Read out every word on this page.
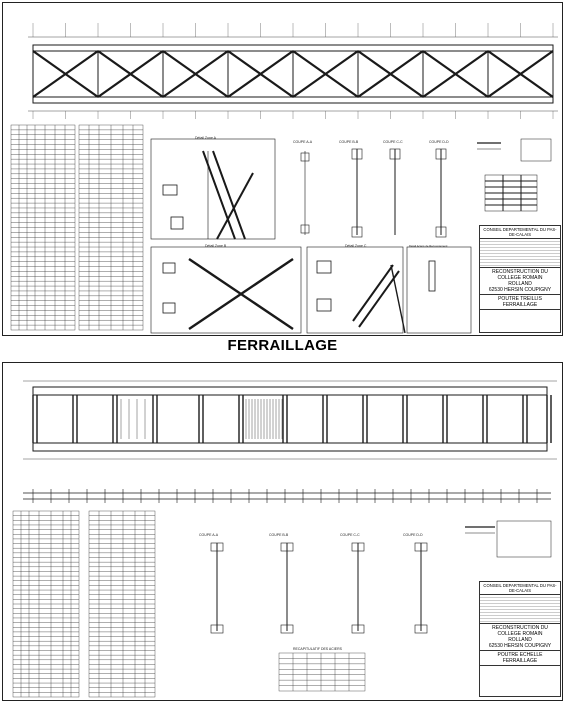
Détail Zone A
Détail Zone B	Détail Zone C	Détail Aciers de Recouvrement
COUPE A-A	COUPE B-B	COUPE C-C	COUPE D-D
CONSEIL DEPARTEMENTAL DU PAS-DE-CALAIS
RECONSTRUCTION DU
COLLEGE ROMAIN
ROLLAND
62530 HERSIN COUPIGNY
POUTRE TREILLIS
FERRAILLAGE
FERRAILLAGE
COUPE A-A	COUPE B-B	COUPE C-C	COUPE D-D
RECAPITULATIF DES ACIERS
CONSEIL DEPARTEMENTAL DU PAS-DE-CALAIS
RECONSTRUCTION DU
COLLEGE ROMAIN
ROLLAND
62530 HERSIN COUPIGNY
POUTRE ECHELLE
FERRAILLAGE
